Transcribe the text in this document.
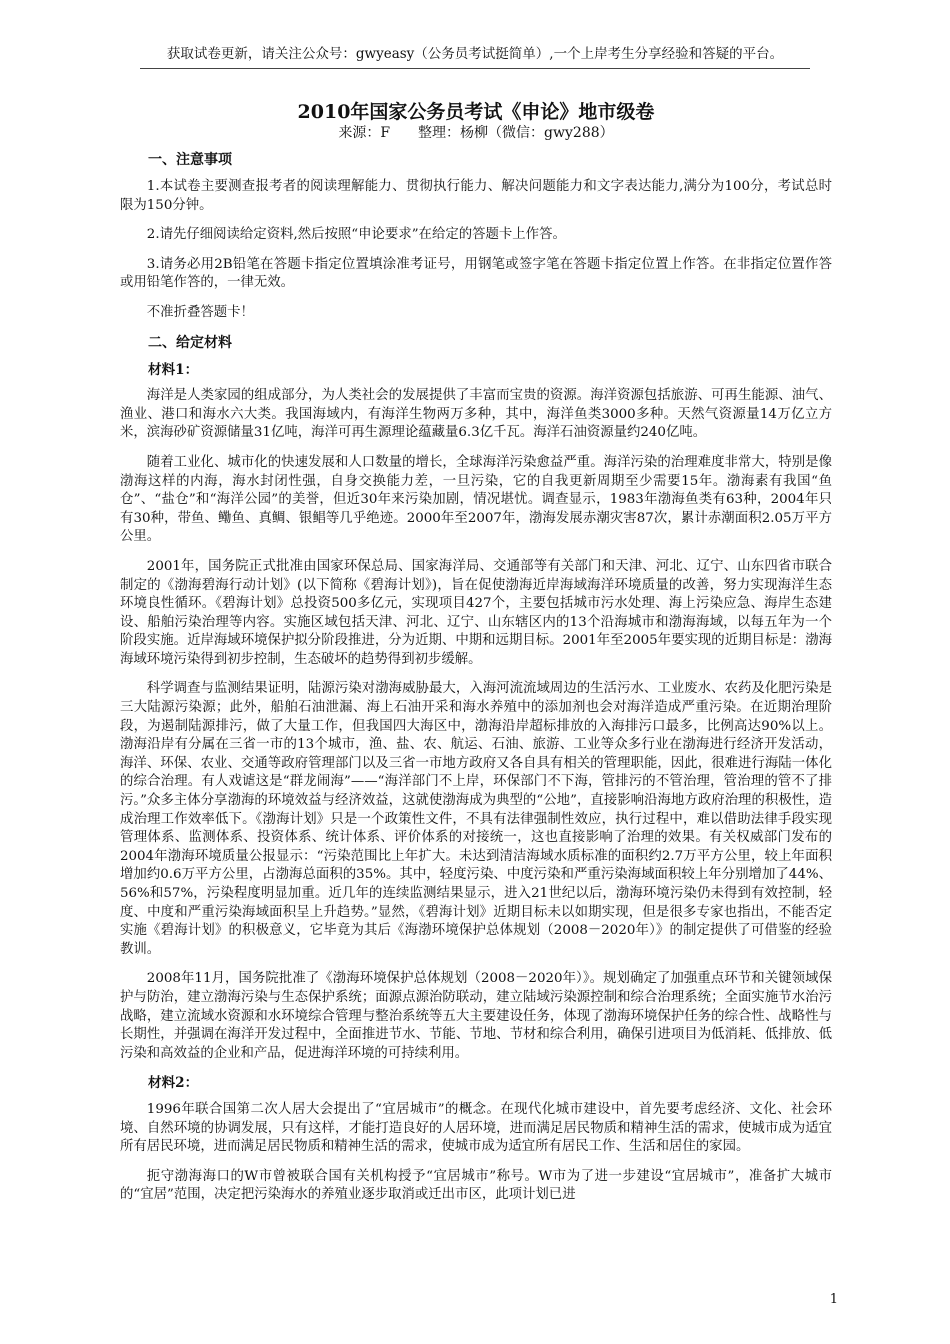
获取试卷更新，请关注公众号：gwyeasy（公务员考试挺简单）,一个上岸考生分享经验和答疑的平台。
2010年国家公务员考试《申论》地市级卷
来源：F　　整理：杨柳（微信：gwy288）
一、注意事项

1.本试卷主要测查报考者的阅读理解能力、贯彻执行能力、解决问题能力和文字表达能力,满分为100分，考试总时限为150分钟。

2.请先仔细阅读给定资料,然后按照“申论要求”在给定的答题卡上作答。

3.请务必用2B铅笔在答题卡指定位置填涂准考证号，用钢笔或签字笔在答题卡指定位置上作答。在非指定位置作答或用铅笔作答的，一律无效。

不准折叠答题卡！

二、给定材料
材料1：

海洋是人类家园的组成部分，为人类社会的发展提供了丰富而宝贵的资源。海洋资源包括旅游、可再生能源、油气、渔业、港口和海水六大类。我国海域内，有海洋生物两万多种，其中，海洋鱼类3000多种。天然气资源量14万亿立方米，滨海砂矿资源储量31亿吨，海洋可再生源理论蕴藏量6.3亿千瓦。海洋石油资源量约240亿吨。

随着工业化、城市化的快速发展和人口数量的增长，全球海洋污染愈益严重。海洋污染的治理难度非常大，特别是像渤海这样的内海，海水封闭性强，自身交换能力差，一旦污染，它的自我更新周期至少需要15年。渤海素有我国“鱼仓”、“盐仓”和“海洋公园”的美誉，但近30年来污染加剧，情况堪忧。调查显示，1983年渤海鱼类有63种，2004年只有30种，带鱼、鳓鱼、真鲷、银鲳等几乎绝迹。2000年至2007年，渤海发展赤潮灾害87次，累计赤潮面积2.05万平方公里。

2001年，国务院正式批准由国家环保总局、国家海洋局、交通部等有关部门和天津、河北、辽宁、山东四省市联合制定的《渤海碧海行动计划》(以下简称《碧海计划》)，旨在促使渤海近岸海域海洋环境质量的改善，努力实现海洋生态环境良性循环。《碧海计划》总投资500多亿元，实现项目427个，主要包括城市污水处理、海上污染应急、海岸生态建设、船舶污染治理等内容。实施区域包括天津、河北、辽宁、山东辖区内的13个沿海城市和渤海海域，以每五年为一个阶段实施。近岸海域环境保护拟分阶段推进，分为近期、中期和远期目标。2001年至2005年要实现的近期目标是：渤海海域环境污染得到初步控制，生态破坏的趋势得到初步缓解。

科学调查与监测结果证明，陆源污染对渤海威胁最大，入海河流流域周边的生活污水、工业废水、农药及化肥污染是三大陆源污染源；此外，船舶石油泄漏、海上石油开采和海水养殖中的添加剂也会对海洋造成严重污染。在近期治理阶段，为遏制陆源排污，做了大量工作，但我国四大海区中，渤海沿岸超标排放的入海排污口最多，比例高达90%以上。渤海沿岸有分属在三省一市的13个城市，渔、盐、农、航运、石油、旅游、工业等众多行业在渤海进行经济开发活动，海洋、环保、农业、交通等政府管理部门以及三省一市地方政府又各自具有相关的管理职能，因此，很难进行海陆一体化的综合治理。有人戏谑这是“群龙闹海”——“海洋部门不上岸，环保部门不下海，管排污的不管治理，管治理的管不了排污。”众多主体分享渤海的环境效益与经济效益，这就使渤海成为典型的“公地”，直接影响沿海地方政府治理的积极性，造成治理工作效率低下。《渤海计划》只是一个政策性文件，不具有法律强制性效应，执行过程中，难以借助法律手段实现管理体系、监测体系、投资体系、统计体系、评价体系的对接统一，这也直接影响了治理的效果。有关权威部门发布的2004年渤海环境质量公报显示：“污染范围比上年扩大。未达到清洁海域水质标准的面积约2.7万平方公里，较上年面积增加约0.6万平方公里，占渤海总面积的35%。其中，轻度污染、中度污染和严重污染海域面积较上年分别增加了44%、56%和57%，污染程度明显加重。近几年的连续监测结果显示，进入21世纪以后，渤海环境污染仍未得到有效控制，轻度、中度和严重污染海域面积呈上升趋势。”显然，《碧海计划》近期目标未以如期实现，但是很多专家也指出，不能否定实施《碧海计划》的积极意义，它毕竟为其后《海渤环境保护总体规划（2008－2020年）》的制定提供了可借鉴的经验教训。

2008年11月，国务院批准了《渤海环境保护总体规划（2008－2020年）》。规划确定了加强重点环节和关键领域保护与防治，建立渤海污染与生态保护系统；面源点源治防联动，建立陆域污染源控制和综合治理系统；全面实施节水治污战略，建立流域水资源和水环境综合管理与整治系统等五大主要建设任务，体现了渤海环境保护任务的综合性、战略性与长期性，并强调在海洋开发过程中，全面推进节水、节能、节地、节材和综合利用，确保引进项目为低消耗、低排放、低污染和高效益的企业和产品，促进海洋环境的可持续利用。

材料2：

1996年联合国第二次人居大会提出了“宜居城市”的概念。在现代化城市建设中，首先要考虑经济、文化、社会环境、自然环境的协调发展，只有这样，才能打造良好的人居环境，进而满足居民物质和精神生活的需求，使城市成为适宜所有居民环境，进而满足居民物质和精神生活的需求，使城市成为适宜所有居民工作、生活和居住的家园。

扼守渤海海口的W市曾被联合国有关机构授予“宜居城市”称号。W市为了进一步建设“宜居城市”，准备扩大城市的“宜居”范围，决定把污染海水的养殖业逐步取消或迁出市区，此项计划已进

1
